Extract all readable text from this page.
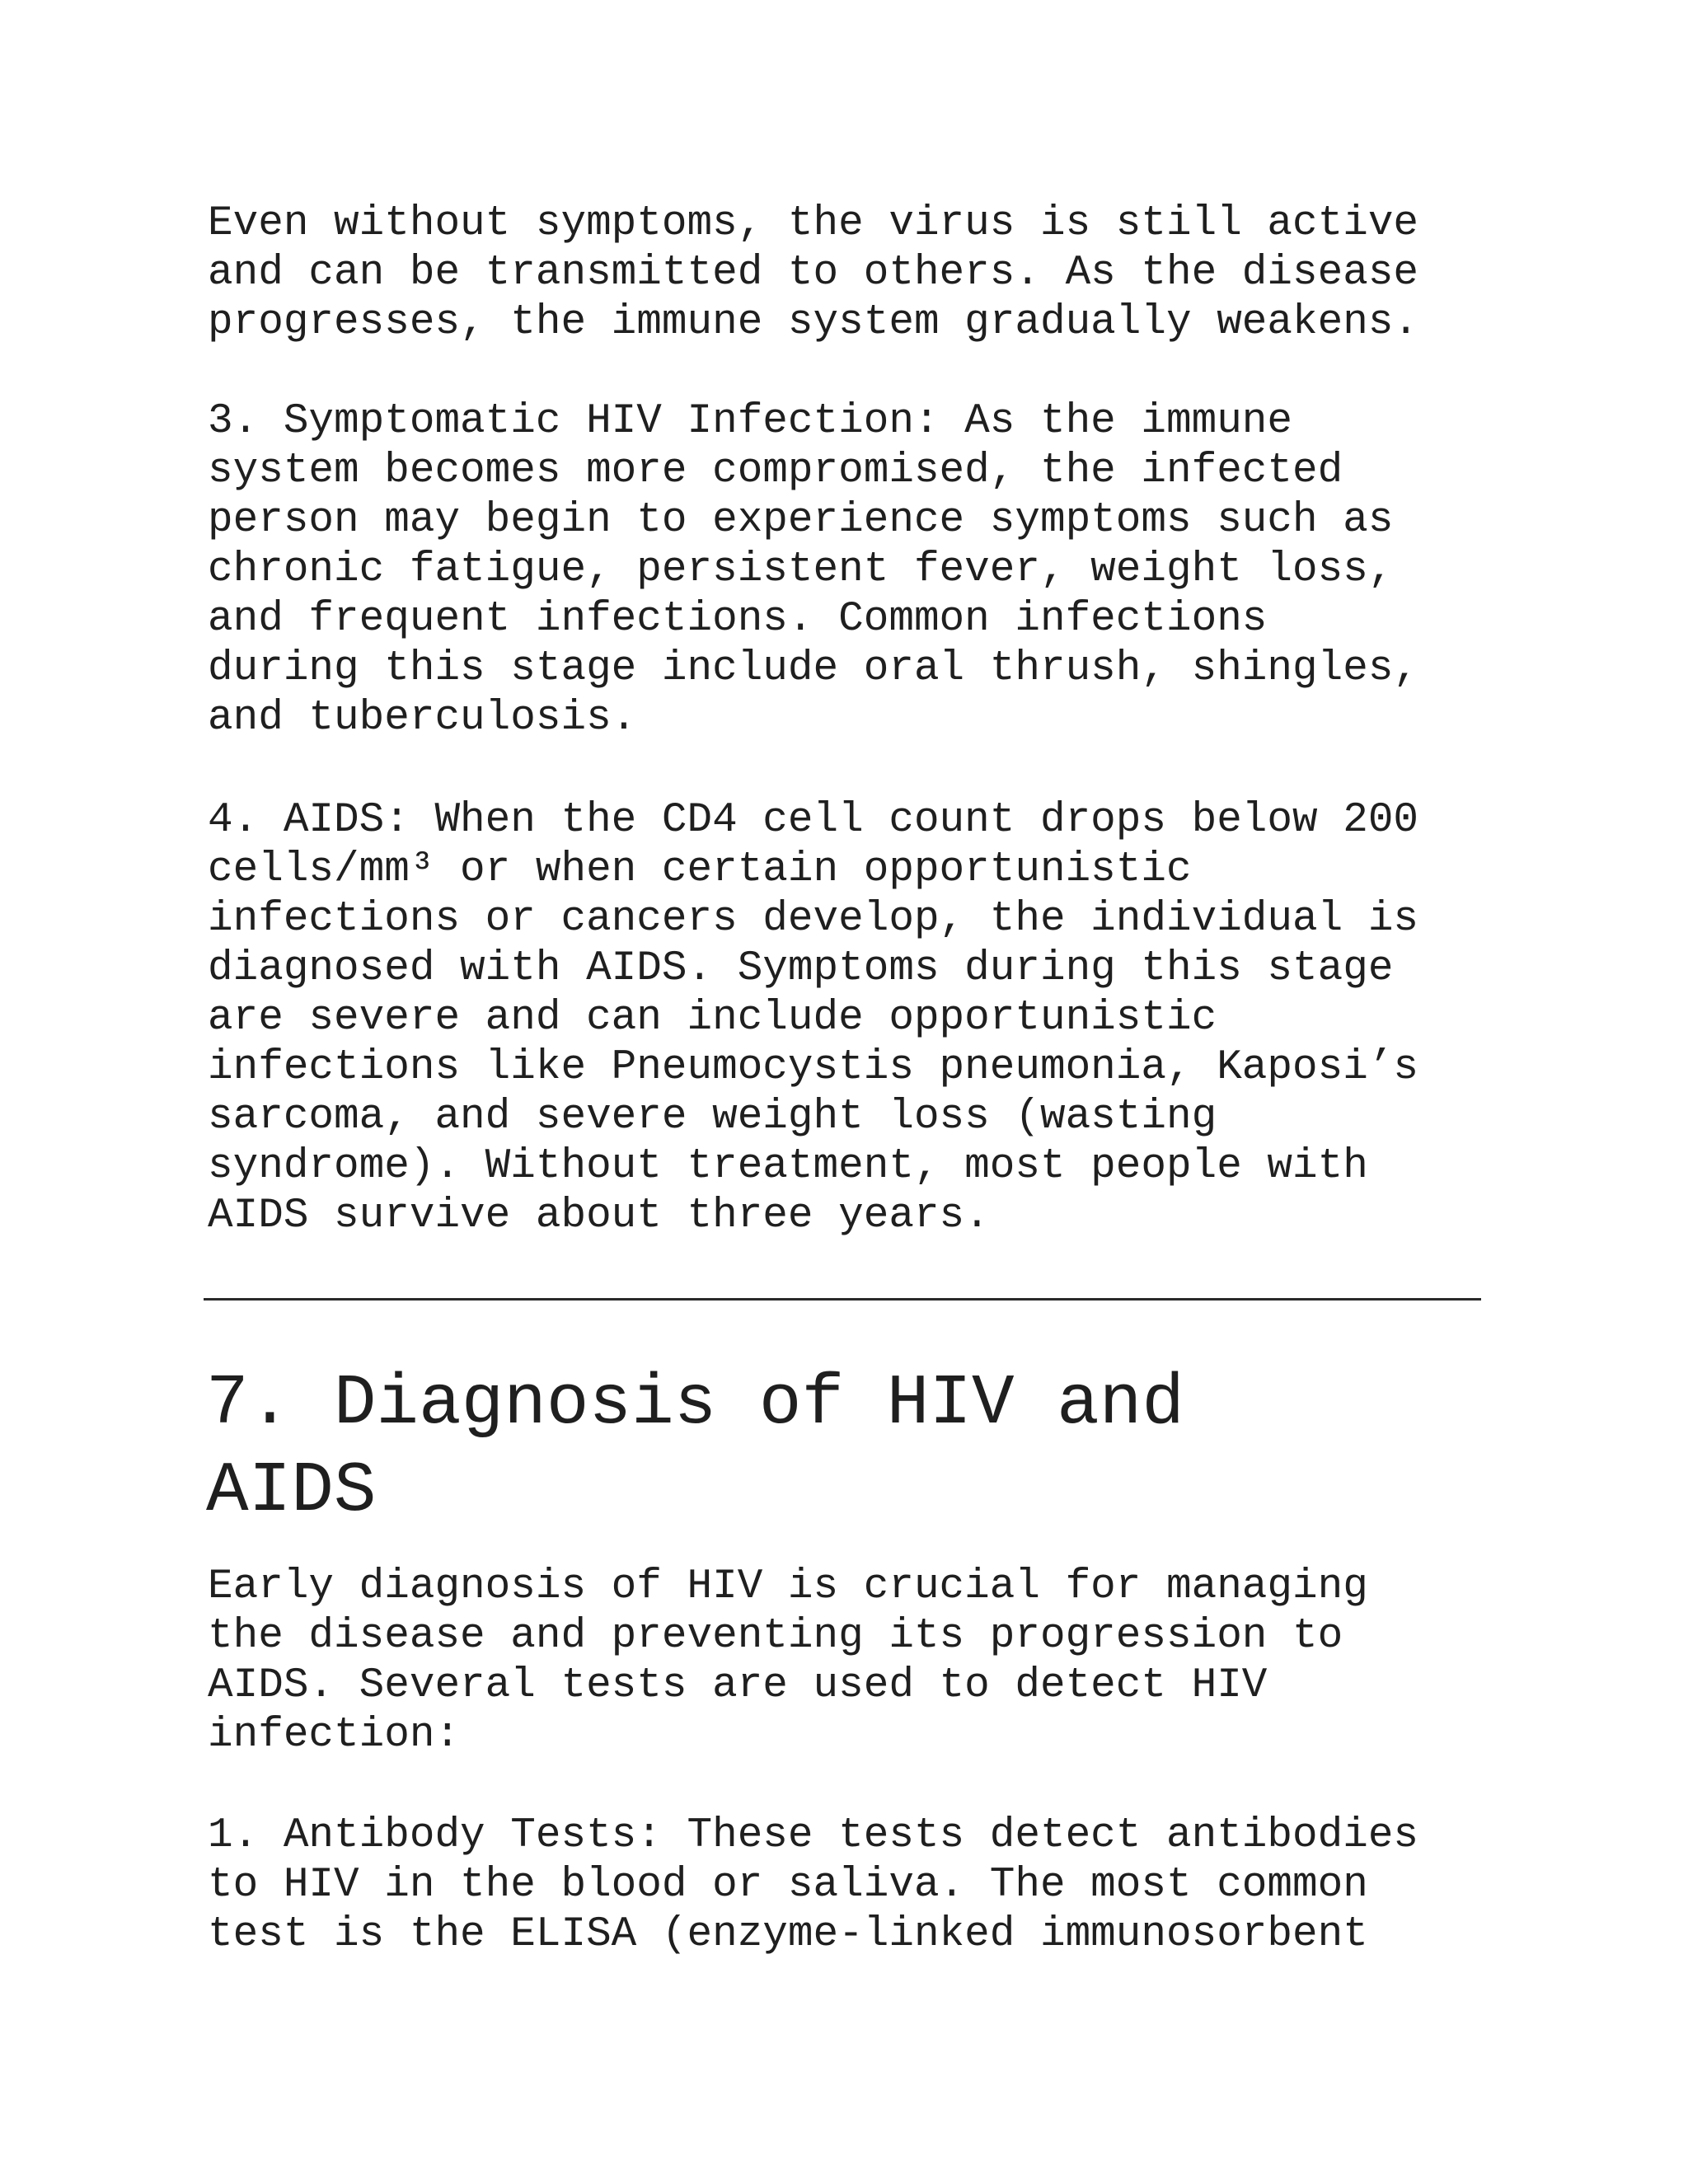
Even without symptoms, the virus is still active

and can be transmitted to others. As the disease

progresses, the immune system gradually weakens.

3. Symptomatic HIV Infection: As the immune

system becomes more compromised, the infected

person may begin to experience symptoms such as

chronic fatigue, persistent fever, weight loss,

and frequent infections. Common infections

during this stage include oral thrush, shingles,

and tuberculosis.

4. AIDS: When the CD4 cell count drops below 200

cells/mm³ or when certain opportunistic

infections or cancers develop, the individual is

diagnosed with AIDS. Symptoms during this stage

are severe and can include opportunistic

infections like Pneumocystis pneumonia, Kaposi’s

sarcoma, and severe weight loss (wasting

syndrome). Without treatment, most people with

AIDS survive about three years.

7. Diagnosis of HIV and
AIDS

Early diagnosis of HIV is crucial for managing

the disease and preventing its progression to

AIDS. Several tests are used to detect HIV

infection:

1. Antibody Tests: These tests detect antibodies

to HIV in the blood or saliva. The most common

test is the ELISA (enzyme-linked immunosorbent
